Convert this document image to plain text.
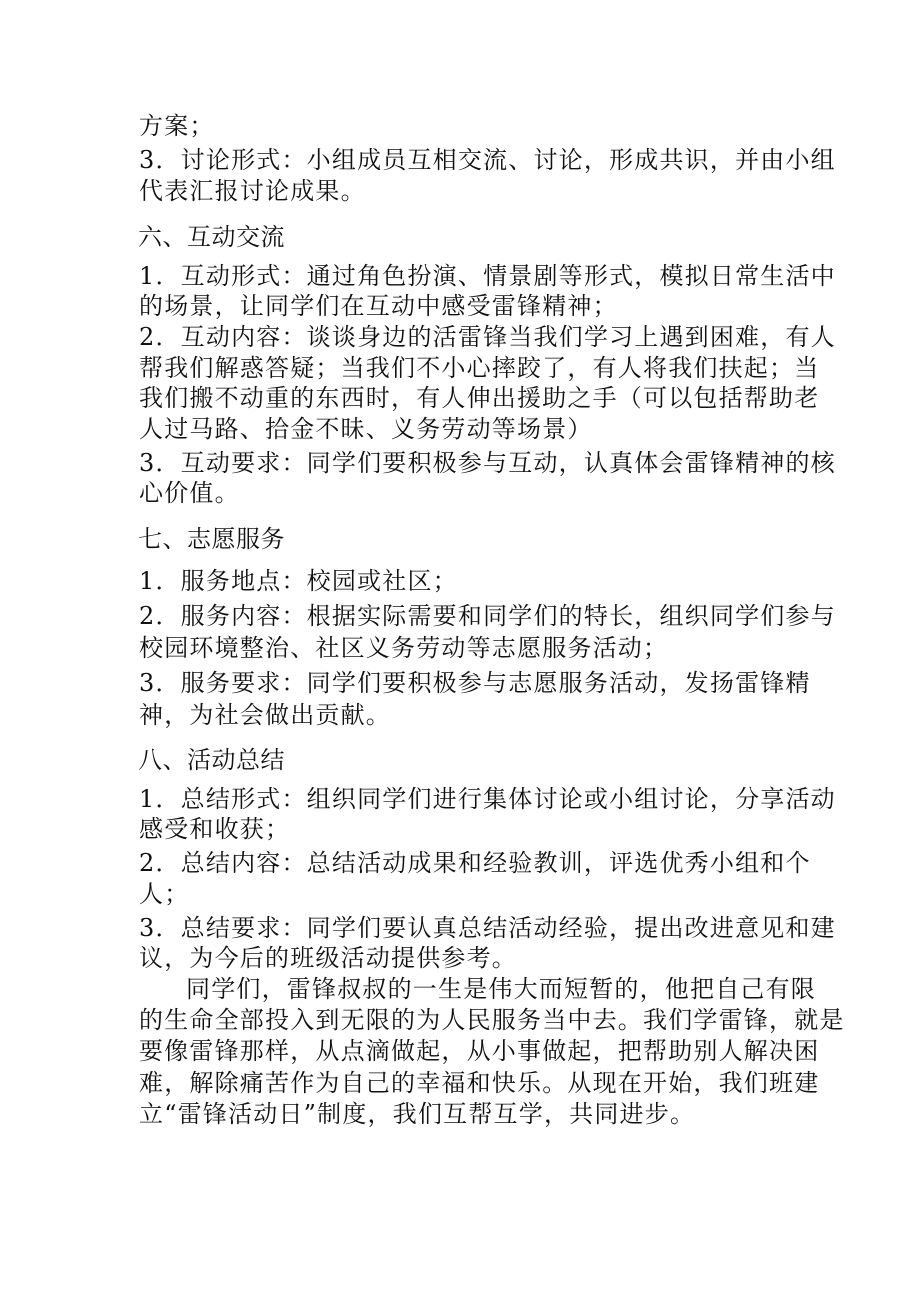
方案；
3．讨论形式：小组成员互相交流、讨论，形成共识，并由小组
代表汇报讨论成果。
六、互动交流
1．互动形式：通过角色扮演、情景剧等形式，模拟日常生活中
的场景，让同学们在互动中感受雷锋精神；
2．互动内容：谈谈身边的活雷锋当我们学习上遇到困难，有人
帮我们解惑答疑；当我们不小心摔跤了，有人将我们扶起；当
我们搬不动重的东西时，有人伸出援助之手（可以包括帮助老
人过马路、拾金不昧、义务劳动等场景）
3．互动要求：同学们要积极参与互动，认真体会雷锋精神的核
心价值。
七、志愿服务
1．服务地点：校园或社区；
2．服务内容：根据实际需要和同学们的特长，组织同学们参与
校园环境整治、社区义务劳动等志愿服务活动；
3．服务要求：同学们要积极参与志愿服务活动，发扬雷锋精
神，为社会做出贡献。
八、活动总结
1．总结形式：组织同学们进行集体讨论或小组讨论，分享活动
感受和收获；
2．总结内容：总结活动成果和经验教训，评选优秀小组和个
人；
3．总结要求：同学们要认真总结活动经验，提出改进意见和建
议，为今后的班级活动提供参考。
同学们，雷锋叔叔的一生是伟大而短暂的，他把自己有限
的生命全部投入到无限的为人民服务当中去。我们学雷锋，就是
要像雷锋那样，从点滴做起，从小事做起，把帮助别人解决困
难，解除痛苦作为自己的幸福和快乐。从现在开始，我们班建
立“雷锋活动日”制度，我们互帮互学，共同进步。
